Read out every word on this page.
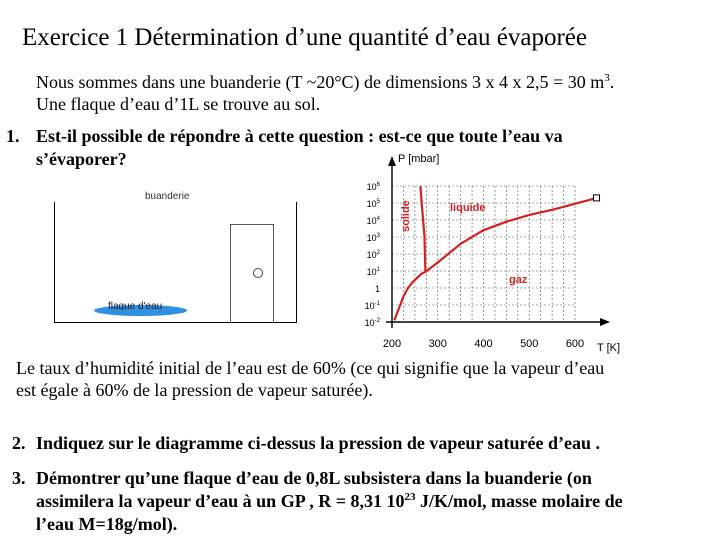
Exercice 1 Détermination d’une quantité d’eau évaporée
Nous sommes dans une buanderie (T ~20°C) de dimensions 3 x 4 x 2,5 = 30 $m^3$.
Une flaque d’eau d’1L se trouve au sol.
1. Est-il possible de répondre à cette question : est-ce que toute l’eau va
s’évaporer?
buanderie
flaque d'eau
P [mbar]
T [K]
200 300 400 500 600
$10^{-2}$
$10^{-1}$
1
$10^1$
$10^2$
$10^3$
$10^4$
$10^5$
$10^6$
solide	liquide
gaz
Le taux d’humidité initial de l’eau est de 60% (ce qui signifie que la vapeur d’eau
est égale à 60% de la pression de vapeur saturée).
2. Indiquez sur le diagramme ci-dessus la pression de vapeur saturée d’eau .
3. Démontrer qu’une flaque d’eau de 0,8L subsistera dans la buanderie (on
assimilera la vapeur d’eau à un GP , R = 8,31 $10^{23}$ J/K/mol, masse molaire de
l’eau M=18g/mol).
